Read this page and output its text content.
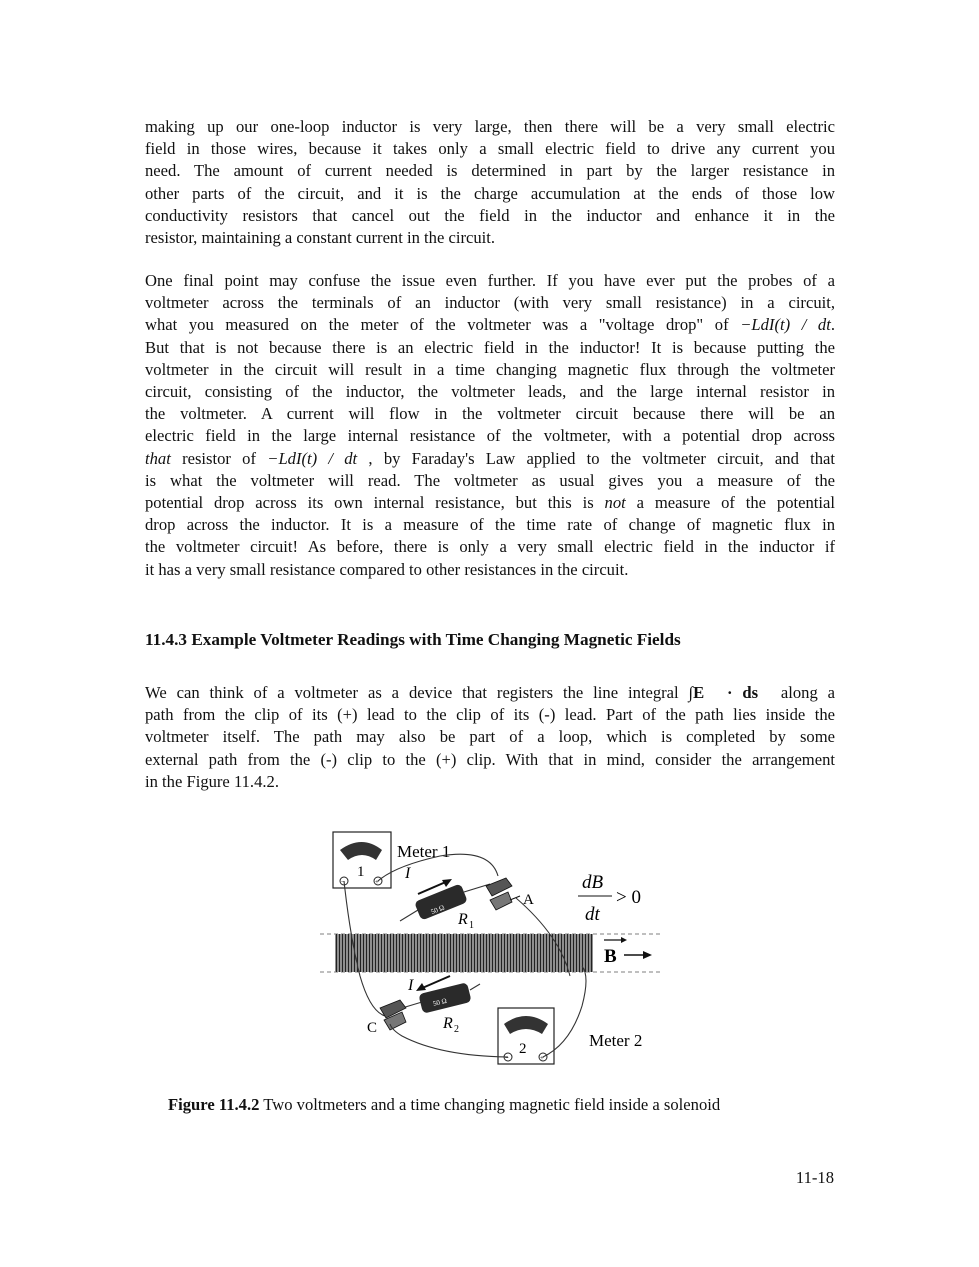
making up our one-loop inductor is very large, then there will be a very small electric
field in those wires, because it takes only a small electric field to drive any current you
need. The amount of current needed is determined in part by the larger resistance in
other parts of the circuit, and it is the charge accumulation at the ends of those low
conductivity resistors that cancel out the field in the inductor and enhance it in the
resistor, maintaining a constant current in the circuit.
One final point may confuse the issue even further. If you have ever put the probes of a
voltmeter across the terminals of an inductor (with very small resistance) in a circuit,
what you measured on the meter of the voltmeter was a "voltage drop" of −LdI(t) / dt.
But that is not because there is an electric field in the inductor! It is because putting the
voltmeter in the circuit will result in a time changing magnetic flux through the voltmeter
circuit, consisting of the inductor, the voltmeter leads, and the large internal resistor in
the voltmeter. A current will flow in the voltmeter circuit because there will be an
electric field in the large internal resistance of the voltmeter, with a potential drop across
that resistor of −LdI(t) / dt , by Faraday's Law applied to the voltmeter circuit, and that
is what the voltmeter will read. The voltmeter as usual gives you a measure of the
potential drop across its own internal resistance, but this is not a measure of the potential
drop across the inductor. It is a measure of the time rate of change of magnetic flux in
the voltmeter circuit! As before, there is only a very small electric field in the inductor if
it has a very small resistance compared to other resistances in the circuit.
11.4.3 Example Voltmeter Readings with Time Changing Magnetic Fields
We can think of a voltmeter as a device that registers the line integral ∫E⃗ · ds⃗ along a
path from the clip of its (+) lead to the clip of its (-) lead. Part of the path lies inside the
voltmeter itself. The path may also be part of a loop, which is completed by some
external path from the (-) clip to the (+) clip. With that in mind, consider the arrangement
in the Figure 11.4.2.
1
−	+
Meter 1
50 Ω
I
R 1
A
dB
dt
> 0
B
I
50 Ω
R 2
C
2
−	+
Meter 2
Figure 11.4.2 Two voltmeters and a time changing magnetic field inside a solenoid
11-18
